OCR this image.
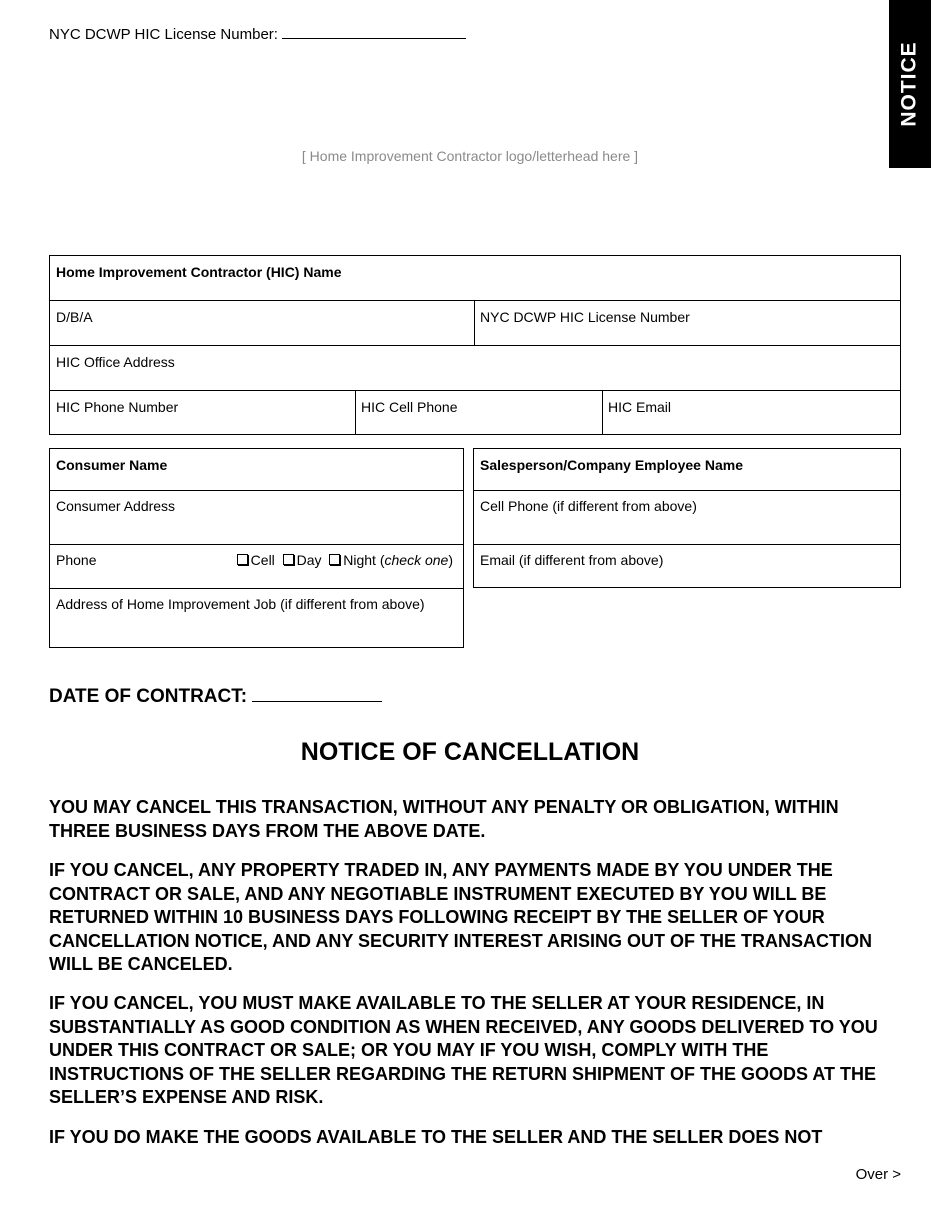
NYC DCWP HIC License Number:
NOTICE
[ Home Improvement Contractor logo/letterhead here ]
Home Improvement Contractor (HIC) Name
D/B/A	NYC DCWP HIC License Number
HIC Office Address
HIC Phone Number	HIC Cell Phone	HIC Email
Consumer Name
Consumer Address
Phone	Cell Day Night (check one)
Address of Home Improvement Job (if different from above)
Salesperson/Company Employee Name
Cell Phone (if different from above)
Email (if different from above)
DATE OF CONTRACT:
NOTICE OF CANCELLATION
YOU MAY CANCEL THIS TRANSACTION, WITHOUT ANY PENALTY OR OBLIGATION, WITHIN THREE BUSINESS DAYS FROM THE ABOVE DATE.
IF YOU CANCEL, ANY PROPERTY TRADED IN, ANY PAYMENTS MADE BY YOU UNDER THE CONTRACT OR SALE, AND ANY NEGOTIABLE INSTRUMENT EXECUTED BY YOU WILL BE RETURNED WITHIN 10 BUSINESS DAYS FOLLOWING RECEIPT BY THE SELLER OF YOUR CANCELLATION NOTICE, AND ANY SECURITY INTEREST ARISING OUT OF THE TRANSACTION WILL BE CANCELED.
IF YOU CANCEL, YOU MUST MAKE AVAILABLE TO THE SELLER AT YOUR RESIDENCE, IN SUBSTANTIALLY AS GOOD CONDITION AS WHEN RECEIVED, ANY GOODS DELIVERED TO YOU UNDER THIS CONTRACT OR SALE; OR YOU MAY IF YOU WISH, COMPLY WITH THE INSTRUCTIONS OF THE SELLER REGARDING THE RETURN SHIPMENT OF THE GOODS AT THE SELLER’S EXPENSE AND RISK.
IF YOU DO MAKE THE GOODS AVAILABLE TO THE SELLER AND THE SELLER DOES NOT
Over >
